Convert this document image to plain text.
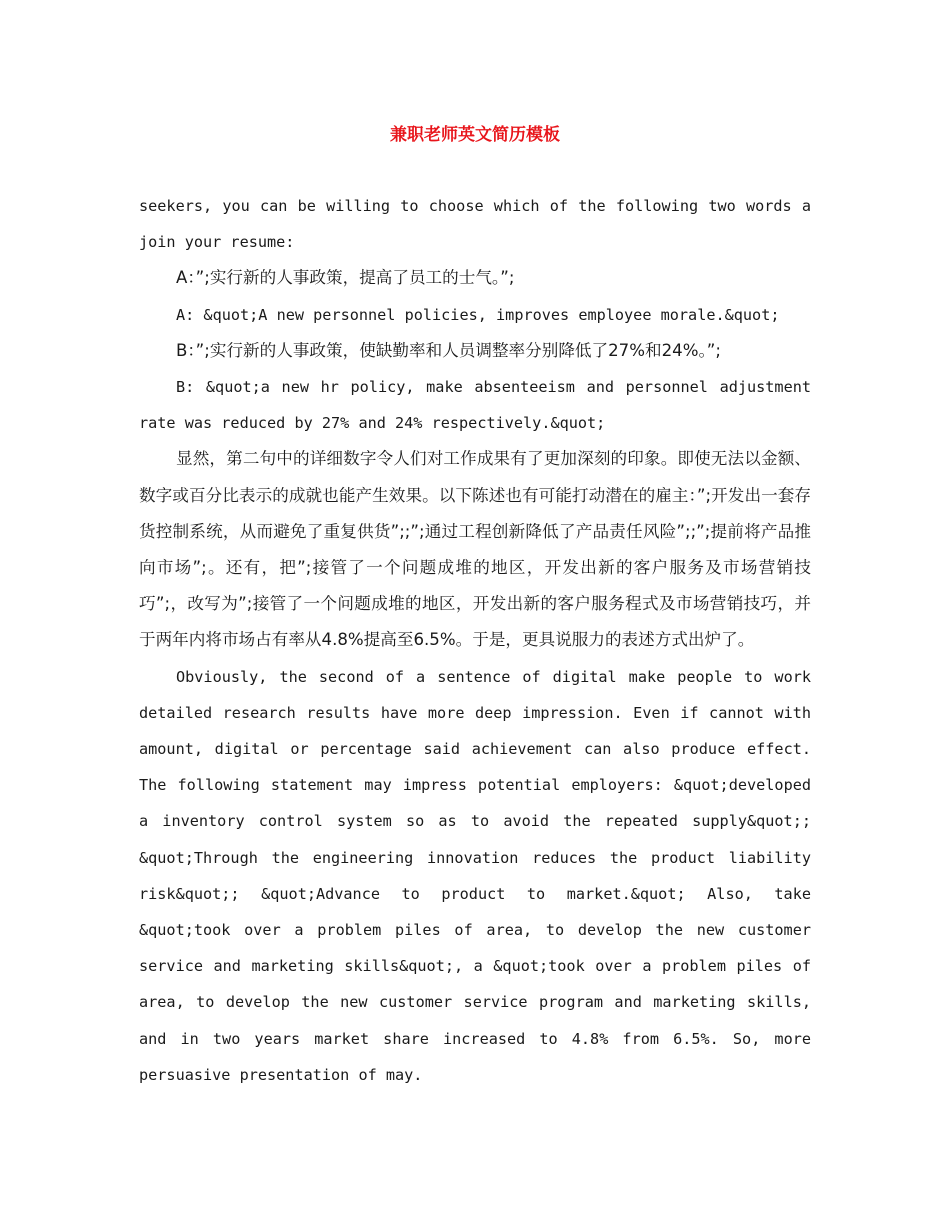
兼职老师英文简历模板

seekers, you can be willing to choose which of the following two words a join your resume:

A：”;实行新的人事政策，提高了员工的士气。”;

A: &quot;A new personnel policies, improves employee morale.&quot;

B：”;实行新的人事政策，使缺勤率和人员调整率分别降低了27%和24%。”;

B: &quot;a new hr policy, make absenteeism and personnel adjustment rate was reduced by 27% and 24% respectively.&quot;

显然，第二句中的详细数字令人们对工作成果有了更加深刻的印象。即使无法以金额、数字或百分比表示的成就也能产生效果。以下陈述也有可能打动潜在的雇主：”;开发出一套存货控制系统，从而避免了重复供货”;;”;通过工程创新降低了产品责任风险”;;”;提前将产品推向市场”;。还有，把”;接管了一个问题成堆的地区，开发出新的客户服务及市场营销技巧”;，改写为”;接管了一个问题成堆的地区，开发出新的客户服务程式及市场营销技巧，并于两年内将市场占有率从4.8%提高至6.5%。于是，更具说服力的表述方式出炉了。

Obviously, the second of a sentence of digital make people to work detailed research results have more deep impression. Even if cannot with amount, digital or percentage said achievement can also produce effect. The following statement may impress potential employers: &quot;developed a inventory control system so as to avoid the repeated supply&quot;; &quot;Through the engineering innovation reduces the product liability risk&quot;; &quot;Advance to product to market.&quot; Also, take &quot;took over a problem piles of area, to develop the new customer service and marketing skills&quot;, a &quot;took over a problem piles of area, to develop the new customer service program and marketing skills, and in two years market share increased to 4.8% from 6.5%. So, more persuasive presentation of may.
